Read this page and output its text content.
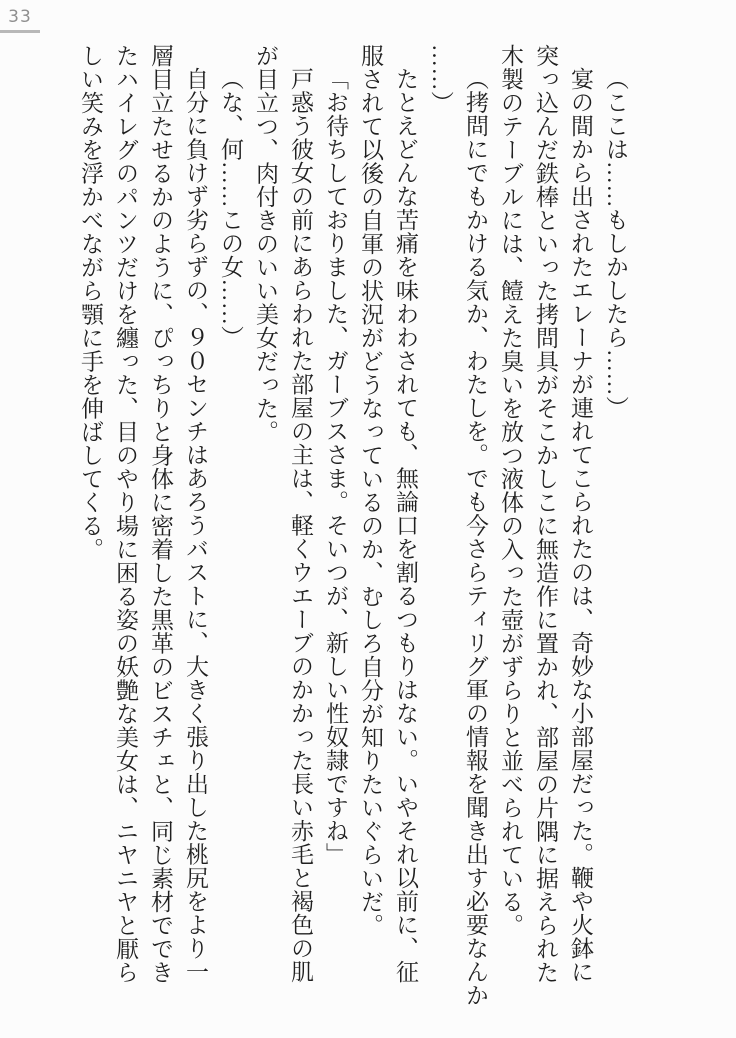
33
（ここは……もしかしたら……）
宴の間から出されたエレーナが連れてこられたのは、奇妙な小部屋だった。鞭や火鉢に
突っ込んだ鉄棒といった拷問具がそこかしこに無造作に置かれ、部屋の片隅に据えられた
木製のテーブルには、饐えた臭いを放つ液体の入った壺がずらりと並べられている。
（拷問にでもかける気か、わたしを。でも今さらティリグ軍の情報を聞き出す必要なんか
……）
たとえどんな苦痛を味わわされても、無論口を割るつもりはない。いやそれ以前に、征
服されて以後の自軍の状況がどうなっているのか、むしろ自分が知りたいぐらいだ。
「お待ちしておりました、ガーブスさま。そいつが、新しい性奴隷ですね」
戸惑う彼女の前にあらわれた部屋の主は、軽くウエーブのかかった長い赤毛と褐色の肌
が目立つ、肉付きのいい美女だった。
（な、何……この女……）
自分に負けず劣らずの、９０センチはあろうバストに、大きく張り出した桃尻をより一
層目立たせるかのように、ぴっちりと身体に密着した黒革のビスチェと、同じ素材ででき
たハイレグのパンツだけを纏った、目のやり場に困る姿の妖艶な美女は、ニヤニヤと厭ら
しい笑みを浮かべながら顎に手を伸ばしてくる。
